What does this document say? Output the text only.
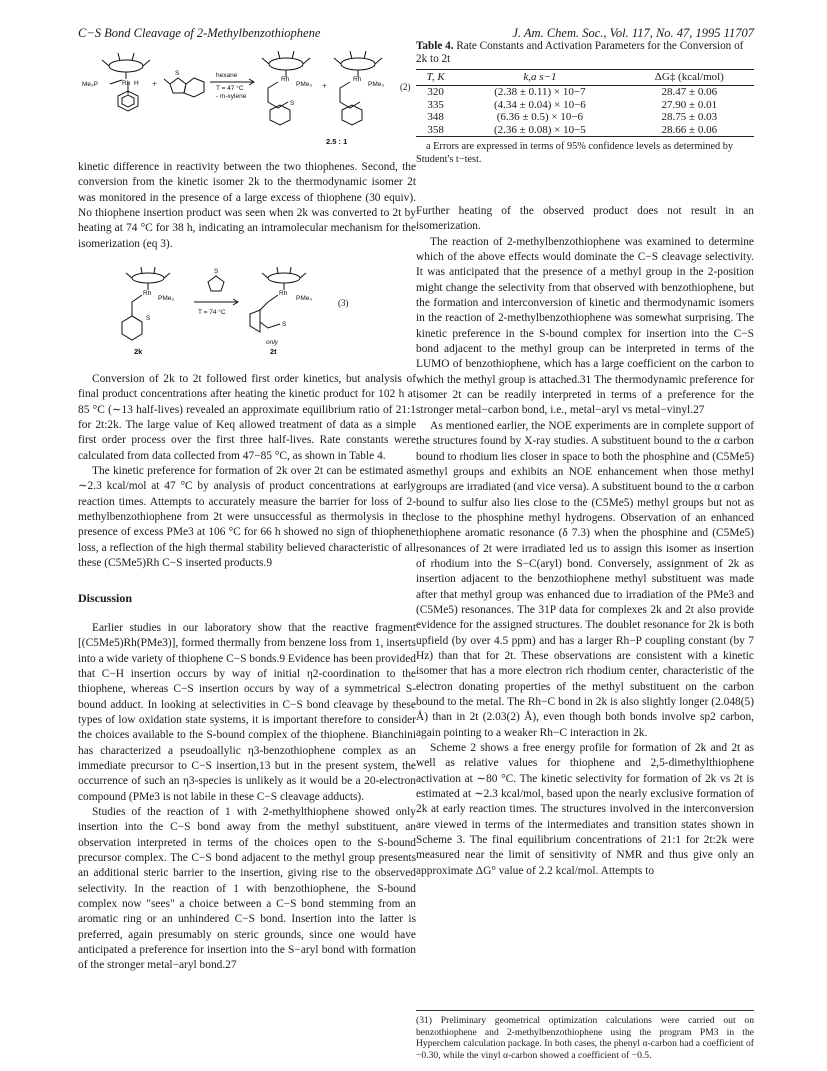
C−S Bond Cleavage of 2-Methylbenzothiophene	J. Am. Chem. Soc., Vol. 117, No. 47, 1995 11707
Me₃P	Rh H +
S	hexane
T = 47 °C
- m-xylene
Rh
PMe₃
S
+
Rh
PMe₃ (2)
2.5 : 1

kinetic difference in reactivity between the two thiophenes. Second, the conversion from the kinetic isomer 2k to the thermodynamic isomer 2t was monitored in the presence of a large excess of thiophene (30 equiv). No thiophene insertion product was seen when 2k was converted to 2t by heating at 74 °C for 38 h, indicating an intramolecular mechanism for the isomerization (eq 3).

Rh
PMe₃
S
2k
S
T = 74 °C
Rh
PMe₃
S
only
2t
(3)

Conversion of 2k to 2t followed first order kinetics, but analysis of final product concentrations after heating the kinetic product for 102 h at 85 °C (∼13 half-lives) revealed an approximate equilibrium ratio of 21:1 for 2t:2k. The large value of Keq allowed treatment of data as a simple first order process over the first three half-lives. Rate constants were calculated from data collected from 47−85 °C, as shown in Table 4.

The kinetic preference for formation of 2k over 2t can be estimated as ∼2.3 kcal/mol at 47 °C by analysis of product concentrations at early reaction times. Attempts to accurately measure the barrier for loss of 2-methylbenzothiophene from 2t were unsuccessful as thermolysis in the presence of excess PMe3 at 106 °C for 66 h showed no sign of thiophene loss, a reflection of the high thermal stability believed characteristic of all these (C5Me5)Rh C−S inserted products.9

Discussion

Earlier studies in our laboratory show that the reactive fragment [(C5Me5)Rh(PMe3)], formed thermally from benzene loss from 1, inserts into a wide variety of thiophene C−S bonds.9 Evidence has been provided that C−H insertion occurs by way of initial η2-coordination to the thiophene, whereas C−S insertion occurs by way of a symmetrical S-bound adduct. In looking at selectivities in C−S bond cleavage by these types of low oxidation state systems, it is important therefore to consider the choices available to the S-bound complex of the thiophene. Bianchini has characterized a pseudoallylic η3-benzothiophene complex as an immediate precursor to C−S insertion,13 but in the present system, the occurrence of such an η3-species is unlikely as it would be a 20-electron compound (PMe3 is not labile in these C−S cleavage adducts).

Studies of the reaction of 1 with 2-methylthiophene showed only insertion into the C−S bond away from the methyl substituent, an observation interpreted in terms of the choices open to the S-bound precursor complex. The C−S bond adjacent to the methyl group presents an additional steric barrier to the insertion, giving rise to the observed selectivity. In the reaction of 1 with benzothiophene, the S-bound complex now "sees" a choice between a C−S bond stemming from an aromatic ring or an unhindered C−S bond. Insertion into the latter is preferred, again presumably on steric grounds, since one would have anticipated a preference for insertion into the S−aryl bond with formation of the stronger metal−aryl bond.27

Table 4. Rate Constants and Activation Parameters for the Conversion of 2k to 2t

T, K	k,a s−1	ΔG‡ (kcal/mol)
320	(2.38 ± 0.11) × 10−7	28.47 ± 0.06
335	(4.34 ± 0.04) × 10−6	27.90 ± 0.01
348	(6.36 ± 0.5) × 10−6	28.75 ± 0.03
358	(2.36 ± 0.08) × 10−5	28.66 ± 0.06

a Errors are expressed in terms of 95% confidence levels as determined by Student's t−test.

Further heating of the observed product does not result in an isomerization.

The reaction of 2-methylbenzothiophene was examined to determine which of the above effects would dominate the C−S cleavage selectivity. It was anticipated that the presence of a methyl group in the 2-position might change the selectivity from that observed with benzothiophene, but the formation and interconversion of kinetic and thermodynamic isomers in the reaction of 2-methylbenzothiophene was somewhat surprising. The kinetic preference in the S-bound complex for insertion into the C−S bond adjacent to the methyl group can be interpreted in terms of the LUMO of benzothiophene, which has a large coefficient on the carbon to which the methyl group is attached.31 The thermodynamic preference for isomer 2t can be readily interpreted in terms of a preference for the stronger metal−carbon bond, i.e., metal−aryl vs metal−vinyl.27

As mentioned earlier, the NOE experiments are in complete support of the structures found by X-ray studies. A substituent bound to the α carbon bound to rhodium lies closer in space to both the phosphine and (C5Me5) methyl groups and exhibits an NOE enhancement when those methyl groups are irradiated (and vice versa). A substituent bound to the α carbon bound to sulfur also lies close to the (C5Me5) methyl groups but not as close to the phosphine methyl hydrogens. Observation of an enhanced thiophene aromatic resonance (δ 7.3) when the phosphine and (C5Me5) resonances of 2t were irradiated led us to assign this isomer as insertion of rhodium into the S−C(aryl) bond. Conversely, assignment of 2k as insertion adjacent to the benzothiophene methyl substituent was made after that methyl group was enhanced due to irradiation of the PMe3 and (C5Me5) resonances. The 31P data for complexes 2k and 2t also provide evidence for the assigned structures. The doublet resonance for 2k is both upfield (by over 4.5 ppm) and has a larger Rh−P coupling constant (by 7 Hz) than that for 2t. These observations are consistent with a kinetic isomer that has a more electron rich rhodium center, characteristic of the electron donating properties of the methyl substituent on the carbon bound to the metal. The Rh−C bond in 2k is also slightly longer (2.048(5) Å) than in 2t (2.03(2) Å), even though both bonds involve sp2 carbon, again pointing to a weaker Rh−C interaction in 2k.

Scheme 2 shows a free energy profile for formation of 2k and 2t as well as relative values for thiophene and 2,5-dimethylthiophene activation at ∼80 °C. The kinetic selectivity for formation of 2k vs 2t is estimated at ∼2.3 kcal/mol, based upon the nearly exclusive formation of 2k at early reaction times. The structures involved in the interconversion are viewed in terms of the intermediates and transition states shown in Scheme 3. The final equilibrium concentrations of 21:1 for 2t:2k were measured near the limit of sensitivity of NMR and thus give only an approximate ΔG° value of 2.2 kcal/mol. Attempts to

(31) Preliminary geometrical optimization calculations were carried out on benzothiophene and 2-methylbenzothiophene using the program PM3 in the Hyperchem calculation package. In both cases, the phenyl α-carbon had a coefficient of −0.30, while the vinyl α-carbon showed a coefficient of −0.5.
